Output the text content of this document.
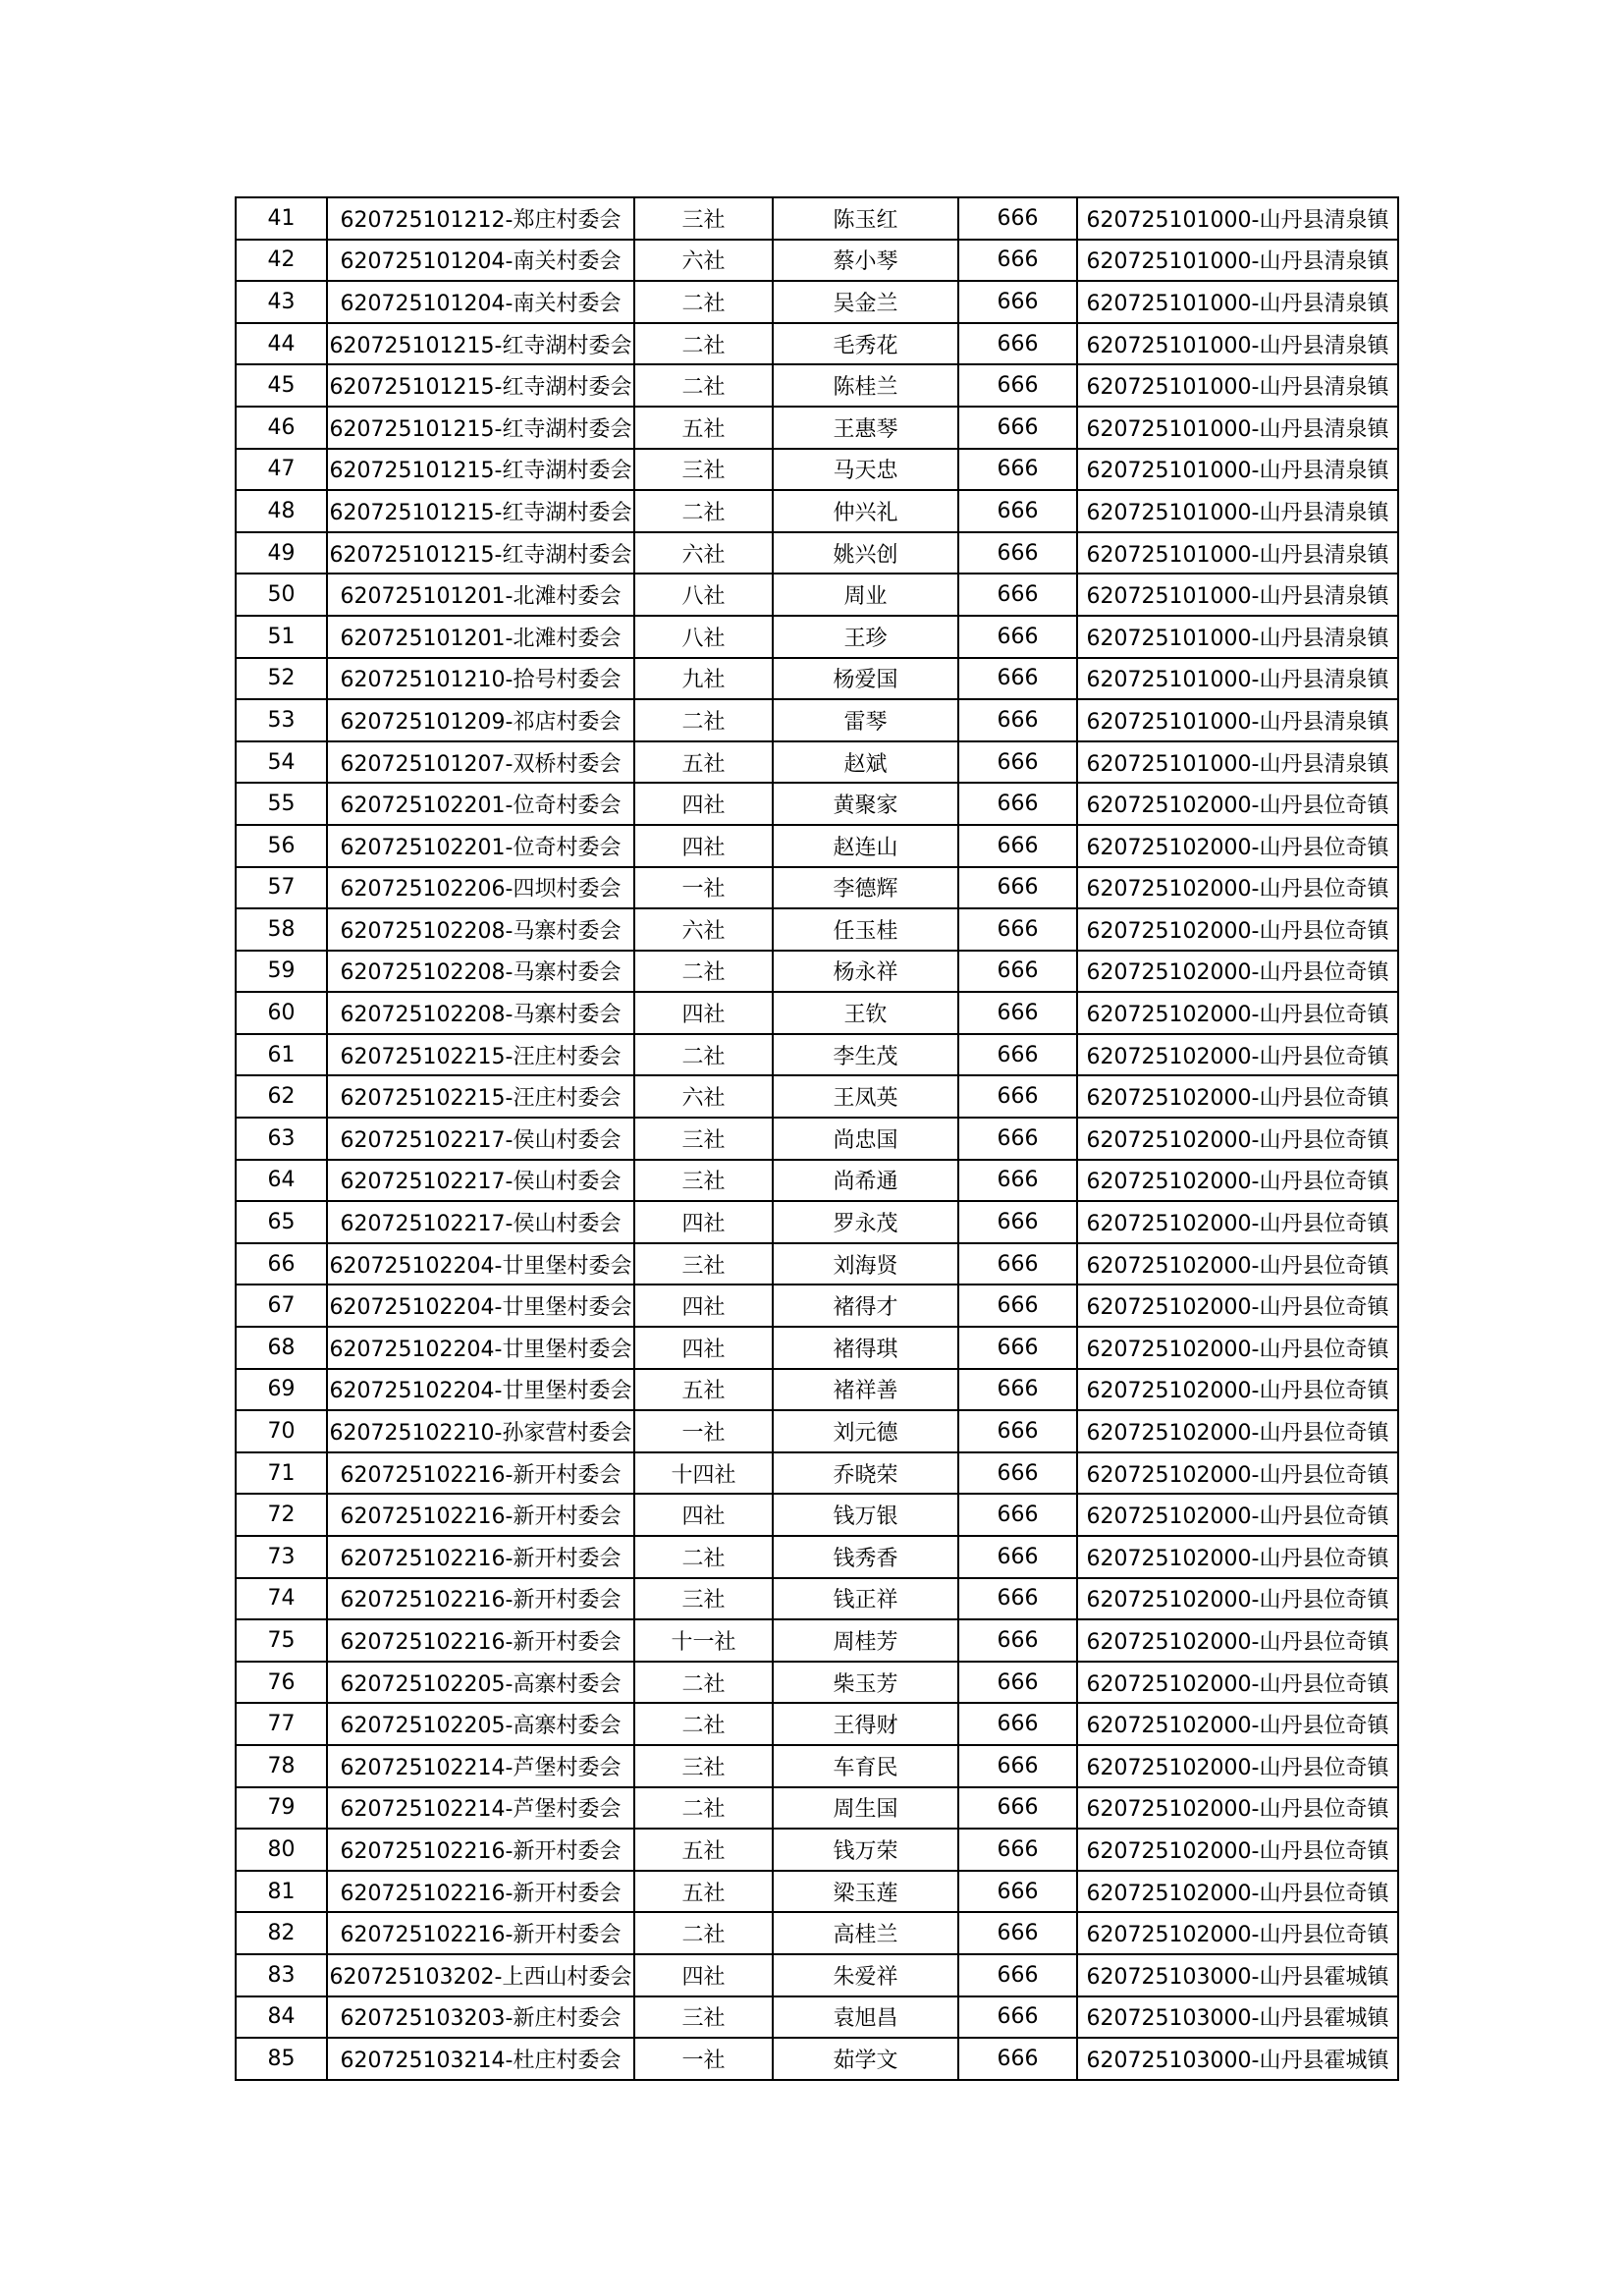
41	620725101212-郑庄村委会	三社	陈玉红	666	620725101000-山丹县清泉镇
42	620725101204-南关村委会	六社	蔡小琴	666	620725101000-山丹县清泉镇
43	620725101204-南关村委会	二社	吴金兰	666	620725101000-山丹县清泉镇
44	620725101215-红寺湖村委会	二社	毛秀花	666	620725101000-山丹县清泉镇
45	620725101215-红寺湖村委会	二社	陈桂兰	666	620725101000-山丹县清泉镇
46	620725101215-红寺湖村委会	五社	王惠琴	666	620725101000-山丹县清泉镇
47	620725101215-红寺湖村委会	三社	马天忠	666	620725101000-山丹县清泉镇
48	620725101215-红寺湖村委会	二社	仲兴礼	666	620725101000-山丹县清泉镇
49	620725101215-红寺湖村委会	六社	姚兴创	666	620725101000-山丹县清泉镇
50	620725101201-北滩村委会	八社	周业	666	620725101000-山丹县清泉镇
51	620725101201-北滩村委会	八社	王珍	666	620725101000-山丹县清泉镇
52	620725101210-拾号村委会	九社	杨爱国	666	620725101000-山丹县清泉镇
53	620725101209-祁店村委会	二社	雷琴	666	620725101000-山丹县清泉镇
54	620725101207-双桥村委会	五社	赵斌	666	620725101000-山丹县清泉镇
55	620725102201-位奇村委会	四社	黄聚家	666	620725102000-山丹县位奇镇
56	620725102201-位奇村委会	四社	赵连山	666	620725102000-山丹县位奇镇
57	620725102206-四坝村委会	一社	李德辉	666	620725102000-山丹县位奇镇
58	620725102208-马寨村委会	六社	任玉桂	666	620725102000-山丹县位奇镇
59	620725102208-马寨村委会	二社	杨永祥	666	620725102000-山丹县位奇镇
60	620725102208-马寨村委会	四社	王钦	666	620725102000-山丹县位奇镇
61	620725102215-汪庄村委会	二社	李生茂	666	620725102000-山丹县位奇镇
62	620725102215-汪庄村委会	六社	王凤英	666	620725102000-山丹县位奇镇
63	620725102217-侯山村委会	三社	尚忠国	666	620725102000-山丹县位奇镇
64	620725102217-侯山村委会	三社	尚希通	666	620725102000-山丹县位奇镇
65	620725102217-侯山村委会	四社	罗永茂	666	620725102000-山丹县位奇镇
66	620725102204-廿里堡村委会	三社	刘海贤	666	620725102000-山丹县位奇镇
67	620725102204-廿里堡村委会	四社	褚得才	666	620725102000-山丹县位奇镇
68	620725102204-廿里堡村委会	四社	褚得琪	666	620725102000-山丹县位奇镇
69	620725102204-廿里堡村委会	五社	褚祥善	666	620725102000-山丹县位奇镇
70	620725102210-孙家营村委会	一社	刘元德	666	620725102000-山丹县位奇镇
71	620725102216-新开村委会	十四社	乔晓荣	666	620725102000-山丹县位奇镇
72	620725102216-新开村委会	四社	钱万银	666	620725102000-山丹县位奇镇
73	620725102216-新开村委会	二社	钱秀香	666	620725102000-山丹县位奇镇
74	620725102216-新开村委会	三社	钱正祥	666	620725102000-山丹县位奇镇
75	620725102216-新开村委会	十一社	周桂芳	666	620725102000-山丹县位奇镇
76	620725102205-高寨村委会	二社	柴玉芳	666	620725102000-山丹县位奇镇
77	620725102205-高寨村委会	二社	王得财	666	620725102000-山丹县位奇镇
78	620725102214-芦堡村委会	三社	车育民	666	620725102000-山丹县位奇镇
79	620725102214-芦堡村委会	二社	周生国	666	620725102000-山丹县位奇镇
80	620725102216-新开村委会	五社	钱万荣	666	620725102000-山丹县位奇镇
81	620725102216-新开村委会	五社	梁玉莲	666	620725102000-山丹县位奇镇
82	620725102216-新开村委会	二社	高桂兰	666	620725102000-山丹县位奇镇
83	620725103202-上西山村委会	四社	朱爱祥	666	620725103000-山丹县霍城镇
84	620725103203-新庄村委会	三社	袁旭昌	666	620725103000-山丹县霍城镇
85	620725103214-杜庄村委会	一社	茹学文	666	620725103000-山丹县霍城镇
